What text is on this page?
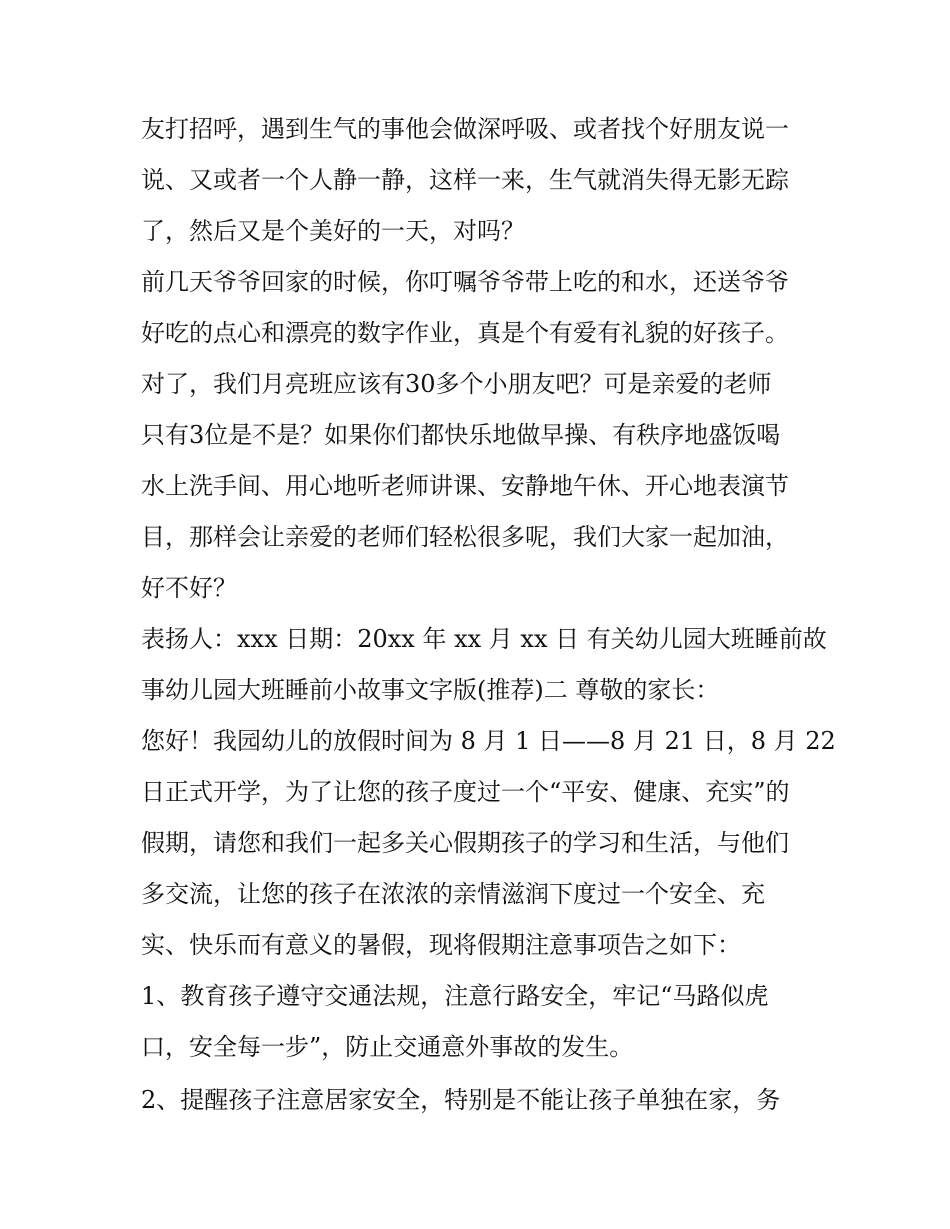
友打招呼，遇到生气的事他会做深呼吸、或者找个好朋友说一
说、又或者一个人静一静，这样一来，生气就消失得无影无踪
了，然后又是个美好的一天，对吗？
前几天爷爷回家的时候，你叮嘱爷爷带上吃的和水，还送爷爷
好吃的点心和漂亮的数字作业，真是个有爱有礼貌的好孩子。
对了，我们月亮班应该有30多个小朋友吧？可是亲爱的老师
只有3位是不是？如果你们都快乐地做早操、有秩序地盛饭喝
水上洗手间、用心地听老师讲课、安静地午休、开心地表演节
目，那样会让亲爱的老师们轻松很多呢，我们大家一起加油，
好不好？
表扬人：xxx 日期：20xx 年 xx 月 xx 日 有关幼儿园大班睡前故
事幼儿园大班睡前小故事文字版(推荐)二 尊敬的家长：
您好！我园幼儿的放假时间为 8 月 1 日——8 月 21 日，8 月 22
日正式开学，为了让您的孩子度过一个“平安、健康、充实”的
假期，请您和我们一起多关心假期孩子的学习和生活，与他们
多交流，让您的孩子在浓浓的亲情滋润下度过一个安全、充
实、快乐而有意义的暑假，现将假期注意事项告之如下：
1、教育孩子遵守交通法规，注意行路安全，牢记“马路似虎
口，安全每一步”，防止交通意外事故的发生。
2、提醒孩子注意居家安全，特别是不能让孩子单独在家，务
